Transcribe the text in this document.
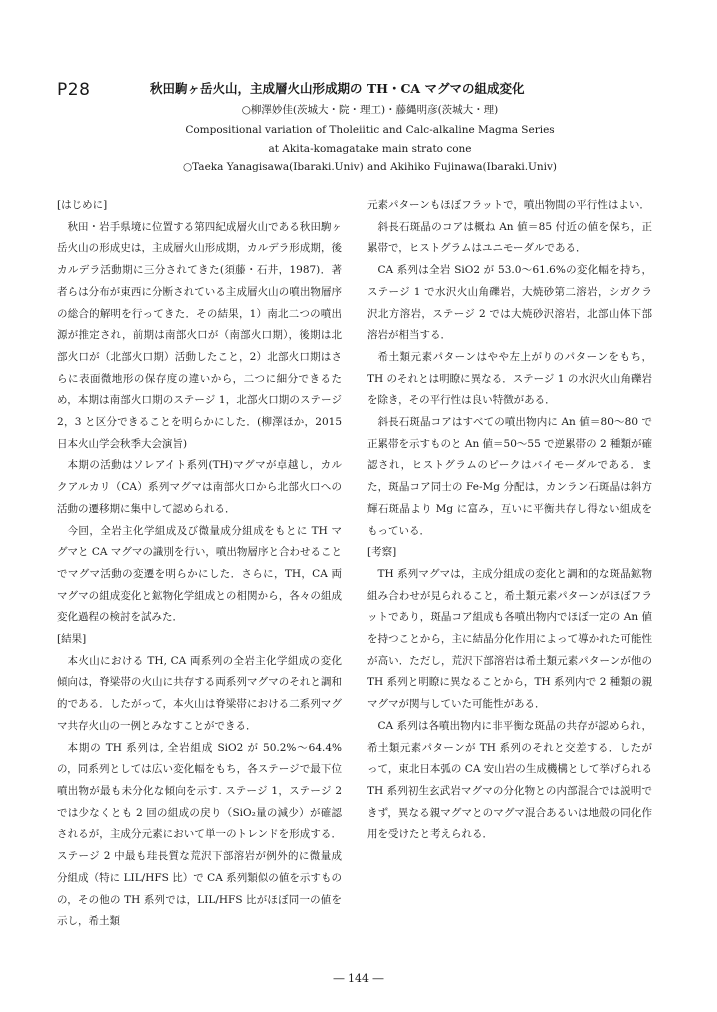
P28	秋田駒ヶ岳火山，主成層火山形成期の TH・CA マグマの組成変化
○柳澤妙佳(茨城大・院・理工)・藤縄明彦(茨城大・理)
Compositional variation of Tholeiitic and Calc-alkaline Magma Series
at Akita-komagatake main strato cone
○Taeka Yanagisawa(Ibaraki.Univ) and Akihiko Fujinawa(Ibaraki.Univ)

[はじめに]

秋田・岩手県境に位置する第四紀成層火山である秋田駒ヶ岳火山の形成史は，主成層火山形成期，カルデラ形成期，後カルデラ活動期に三分されてきた(須藤・石井，1987)．著者らは分布が東西に分断されている主成層火山の噴出物層序の総合的解明を行ってきた．その結果，1）南北二つの噴出源が推定され，前期は南部火口が（南部火口期），後期は北部火口が（北部火口期）活動したこと，2）北部火口期はさらに表面微地形の保存度の違いから，二つに細分できるため，本期は南部火口期のステージ 1，北部火口期のステージ 2，3 と区分できることを明らかにした．(柳澤ほか，2015 日本火山学会秋季大会演旨)

本期の活動はソレアイト系列(TH)マグマが卓越し，カルクアルカリ（CA）系列マグマは南部火口から北部火口への活動の遷移期に集中して認められる．

今回，全岩主化学組成及び微量成分組成をもとに TH マグマと CA マグマの識別を行い，噴出物層序と合わせることでマグマ活動の変遷を明らかにした．さらに，TH，CA 両マグマの組成変化と鉱物化学組成との相関から，各々の組成変化過程の検討を試みた．

[結果]

本火山における TH, CA 両系列の全岩主化学組成の変化傾向は，脊梁帯の火山に共存する両系列マグマのそれと調和的である．したがって，本火山は脊梁帯における二系列マグマ共存火山の一例とみなすことができる．

本期の TH 系列は, 全岩組成 SiO2 が 50.2%～64.4% の，同系列としては広い変化幅をもち，各ステージで最下位噴出物が最も未分化な傾向を示す. ステージ 1，ステージ 2 では少なくとも 2 回の組成の戻り（SiO₂量の減少）が確認されるが，主成分元素において単一のトレンドを形成する．ステージ 2 中最も珪長質な荒沢下部溶岩が例外的に微量成分組成（特に LIL/HFS 比）で CA 系列類似の値を示すものの，その他の TH 系列では，LIL/HFS 比がほぼ同一の値を示し，希土類

元素パターンもほぼフラットで，噴出物間の平行性はよい．

斜長石斑晶のコアは概ね An 値＝85 付近の値を保ち，正累帯で，ヒストグラムはユニモーダルである．

CA 系列は全岩 SiO2 が 53.0～61.6%の変化幅を持ち，ステージ 1 で水沢火山角礫岩，大焼砂第二溶岩，シガクラ沢北方溶岩，ステージ 2 では大焼砂沢溶岩，北部山体下部溶岩が相当する．

希土類元素パターンはやや左上がりのパターンをもち，TH のそれとは明瞭に異なる．ステージ 1 の水沢火山角礫岩を除き，その平行性は良い特徴がある．

斜長石斑晶コアはすべての噴出物内に An 値＝80～80 で正累帯を示すものと An 値＝50～55 で逆累帯の 2 種類が確認され，ヒストグラムのピークはバイモーダルである．また，斑晶コア同士の Fe-Mg 分配は，カンラン石斑晶は斜方輝石斑晶より Mg に富み，互いに平衡共存し得ない組成をもっている．

[考察]

TH 系列マグマは，主成分組成の変化と調和的な斑晶鉱物組み合わせが見られること，希土類元素パターンがほぼフラットであり，斑晶コア組成も各噴出物内でほぼ一定の An 値を持つことから，主に結晶分化作用によって導かれた可能性が高い．ただし，荒沢下部溶岩は希土類元素パターンが他の TH 系列と明瞭に異なることから，TH 系列内で 2 種類の親マグマが関与していた可能性がある．

CA 系列は各噴出物内に非平衡な斑晶の共存が認められ，希土類元素パターンが TH 系列のそれと交差する．したがって，東北日本弧の CA 安山岩の生成機構として挙げられる TH 系列初生玄武岩マグマの分化物との内部混合では説明できず，異なる親マグマとのマグマ混合あるいは地殻の同化作用を受けたと考えられる．

― 144 ―
